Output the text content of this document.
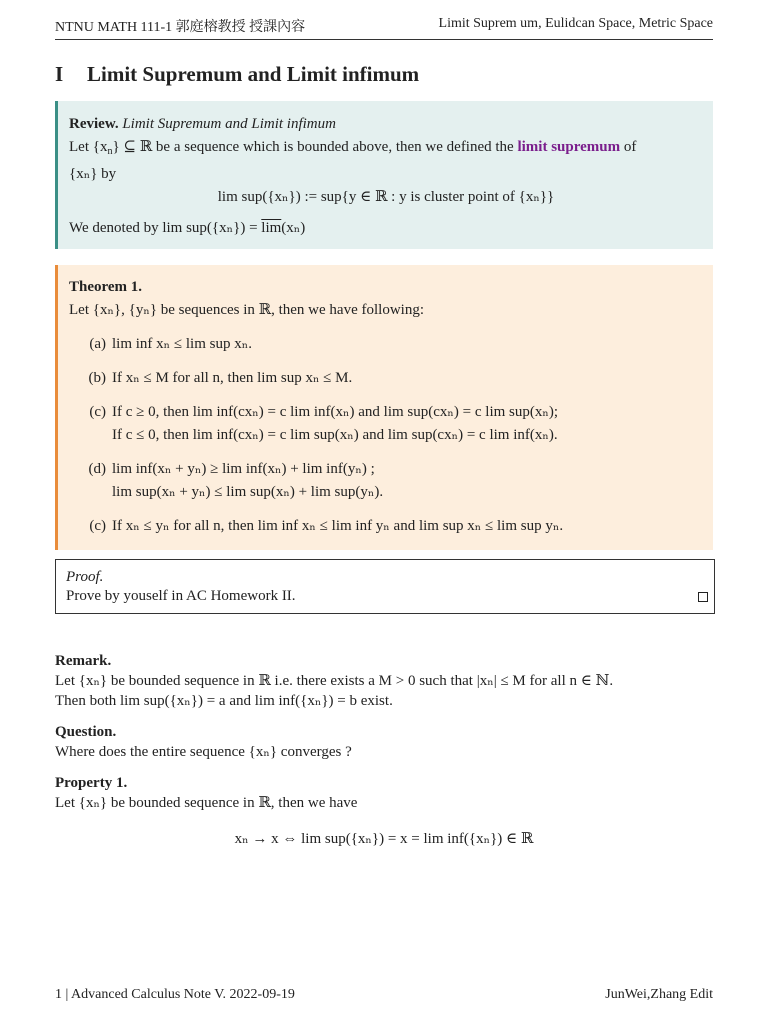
NTNU MATH 111-1 郭庭榕教授 授課內容	Limit Suprem um, Eulidcan Space, Metric Space
I Limit Supremum and Limit infimum
Review. Limit Supremum and Limit infimum
Let $\{x_n\}$ ⊆ ℝ be a sequence which is bounded above, then we defined the limit supremum of
{xₙ} by

lim sup({xₙ}) := sup{y ∈ ℝ : y is cluster point of {xₙ}}

We denoted by $\lim sup(\{x_n\}) = \overline{lim}(x_n)$
Theorem 1.
Let {xₙ}, {yₙ} be sequences in ℝ, then we have following:
(a) lim inf xₙ ≤ lim sup xₙ.
(b) If xₙ ≤ M for all n, then lim sup xₙ ≤ M.
(c) If c ≥ 0, then lim inf(cxₙ) = c lim inf(xₙ) and lim sup(cxₙ) = c lim sup(xₙ);
If c ≤ 0, then lim inf(cxₙ) = c lim sup(xₙ) and lim sup(cxₙ) = c lim inf(xₙ).
(d) lim inf(xₙ + yₙ) ≥ lim inf(xₙ) + lim inf(yₙ) ;
lim sup(xₙ + yₙ) ≤ lim sup(xₙ) + lim sup(yₙ).
(c) If xₙ ≤ yₙ for all n, then lim inf xₙ ≤ lim inf yₙ and lim sup xₙ ≤ lim sup yₙ.
Proof.
Prove by youself in AC Homework II.
Remark.
Let {xₙ} be bounded sequence in ℝ i.e. there exists a M > 0 such that |xₙ| ≤ M for all n ∈ ℕ.
Then both lim sup({xₙ}) = a and lim inf({xₙ}) = b exist.
Question.
Where does the entire sequence {xₙ} converges ?
Property 1.
Let {xₙ} be bounded sequence in ℝ, then we have
xₙ → x ⇔ lim sup({xₙ}) = x = lim inf({xₙ}) ∈ ℝ
1 | Advanced Calculus Note V. 2022-09-19	JunWei,Zhang Edit
